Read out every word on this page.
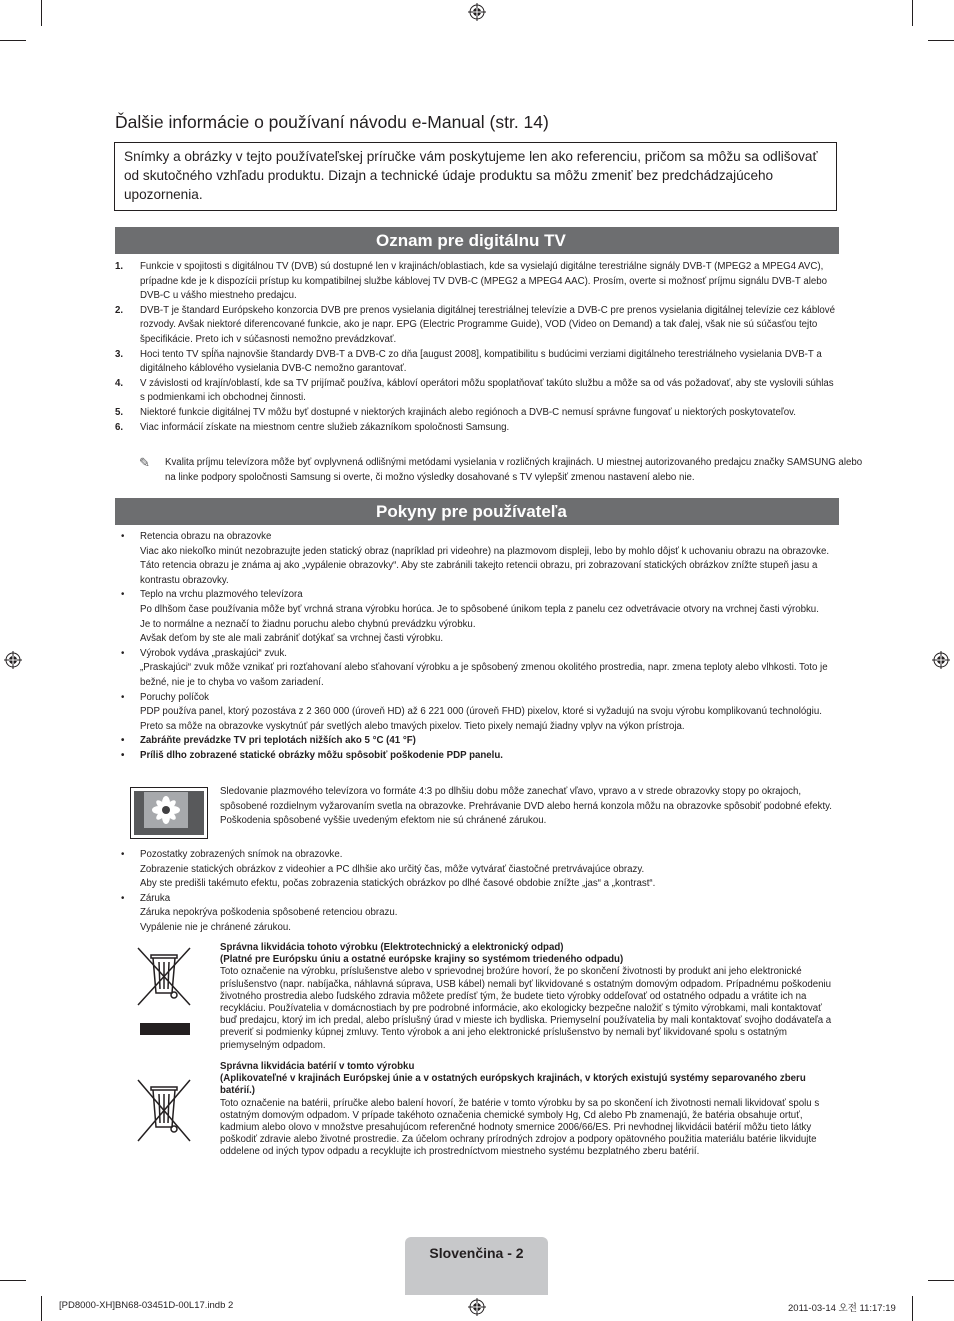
Ďalšie informácie o používaní návodu e-Manual (str. 14)
Snímky a obrázky v tejto používateľskej príručke vám poskytujeme len ako referenciu, pričom sa môžu sa odlišovať od skutočného vzhľadu produktu. Dizajn a technické údaje produktu sa môžu zmeniť bez predchádzajúceho upozornenia.
Oznam pre digitálnu TV
1. Funkcie v spojitosti s digitálnou TV (DVB) sú dostupné len v krajinách/oblastiach, kde sa vysielajú digitálne terestriálne signály DVB-T (MPEG2 a MPEG4 AVC), prípadne kde je k dispozícii prístup ku kompatibilnej službe káblovej TV DVB-C (MPEG2 a MPEG4 AAC). Prosím, overte si možnosť príjmu signálu DVB-T alebo DVB-C u vášho miestneho predajcu.
2. DVB-T je štandard Európskeho konzorcia DVB pre prenos vysielania digitálnej terestriálnej televízie a DVB-C pre prenos vysielania digitálnej televízie cez káblové rozvody. Avšak niektoré diferencované funkcie, ako je napr. EPG (Electric Programme Guide), VOD (Video on Demand) a tak ďalej, však nie sú súčasťou tejto špecifikácie. Preto ich v súčasnosti nemožno prevádzkovať.
3. Hoci tento TV spĺňa najnovšie štandardy DVB-T a DVB-C zo dňa [august 2008], kompatibilitu s budúcimi verziami digitálneho terestriálneho vysielania DVB-T a digitálneho káblového vysielania DVB-C nemožno garantovať.
4. V závislosti od krajín/oblastí, kde sa TV prijímač používa, kábloví operátori môžu spoplatňovať takúto službu a môže sa od vás požadovať, aby ste vyslovili súhlas s podmienkami ich obchodnej činnosti.
5. Niektoré funkcie digitálnej TV môžu byť dostupné v niektorých krajinách alebo regiónoch a DVB-C nemusí správne fungovať u niektorých poskytovateľov.
6. Viac informácií získate na miestnom centre služieb zákazníkom spoločnosti Samsung.
✎ Kvalita príjmu televízora môže byť ovplyvnená odlišnými metódami vysielania v rozličných krajinách. U miestnej autorizovaného predajcu značky SAMSUNG alebo na linke podpory spoločnosti Samsung si overte, či možno výsledky dosahované s TV vylepšiť zmenou nastavení alebo nie.
Pokyny pre používateľa
• Retencia obrazu na obrazovke
Viac ako niekoľko minút nezobrazujte jeden statický obraz (napríklad pri videohre) na plazmovom displeji, lebo by mohlo dôjsť k uchovaniu obrazu na obrazovke. Táto retencia obrazu je známa aj ako „vypálenie obrazovky“. Aby ste zabránili takejto retencii obrazu, pri zobrazovaní statických obrázkov znížte stupeň jasu a kontrastu obrazovky.
• Teplo na vrchu plazmového televízora
Po dlhšom čase používania môže byť vrchná strana výrobku horúca. Je to spôsobené únikom tepla z panelu cez odvetrávacie otvory na vrchnej časti výrobku.
Je to normálne a neznačí to žiadnu poruchu alebo chybnú prevádzku výrobku.
Avšak deťom by ste ale mali zabrániť dotýkať sa vrchnej časti výrobku.
• Výrobok vydáva „praskajúci“ zvuk.
„Praskajúci“ zvuk môže vznikať pri rozťahovaní alebo sťahovaní výrobku a je spôsobený zmenou okolitého prostredia, napr. zmena teploty alebo vlhkosti. Toto je bežné, nie je to chyba vo vašom zariadení.
• Poruchy políčok
PDP používa panel, ktorý pozostáva z 2 360 000 (úroveň HD) až 6 221 000 (úroveň FHD) pixelov, ktoré si vyžadujú na svoju výrobu komplikovanú technológiu. Preto sa môže na obrazovke vyskytnúť pár svetlých alebo tmavých pixelov. Tieto pixely nemajú žiadny vplyv na výkon prístroja.
• Zabráňte prevádzke TV pri teplotách nižších ako 5 °C (41 °F)
• Príliš dlho zobrazené statické obrázky môžu spôsobiť poškodenie PDP panelu.
Sledovanie plazmového televízora vo formáte 4:3 po dlhšiu dobu môže zanechať vľavo, vpravo a v strede obrazovky stopy po okrajoch, spôsobené rozdielnym vyžarovaním svetla na obrazovke. Prehrávanie DVD alebo herná konzola môžu na obrazovke spôsobiť podobné efekty.
Poškodenia spôsobené vyššie uvedeným efektom nie sú chránené zárukou.
• Pozostatky zobrazených snímok na obrazovke.
Zobrazenie statických obrázkov z videohier a PC dlhšie ako určitý čas, môže vytvárať čiastočné pretrvávajúce obrazy.
Aby ste predišli takémuto efektu, počas zobrazenia statických obrázkov po dlhé časové obdobie znížte „jas“ a „kontrast“.
• Záruka
Záruka nepokrýva poškodenia spôsobené retenciou obrazu.
Vypálenie nie je chránené zárukou.
Správna likvidácia tohoto výrobku (Elektrotechnický a elektronický odpad)
(Platné pre Európsku úniu a ostatné európske krajiny so systémom triedeného odpadu)
Toto označenie na výrobku, príslušenstve alebo v sprievodnej brožúre hovorí, že po skončení životnosti by produkt ani jeho elektronické príslušenstvo (napr. nabíjačka, náhlavná súprava, USB kábel) nemali byť likvidované s ostatným domovým odpadom. Prípadnému poškodeniu životného prostredia alebo ľudského zdravia môžete predísť tým, že budete tieto výrobky oddeľovať od ostatného odpadu a vrátite ich na recykláciu. Používatelia v domácnostiach by pre podrobné informácie, ako ekologicky bezpečne naložiť s týmito výrobkami, mali kontaktovať buď predajcu, ktorý im ich predal, alebo príslušný úrad v mieste ich bydliska. Priemyselní používatelia by mali kontaktovať svojho dodávateľa a preveriť si podmienky kúpnej zmluvy. Tento výrobok a ani jeho elektronické príslušenstvo by nemali byť likvidované spolu s ostatným priemyselným odpadom.
Správna likvidácia batérií v tomto výrobku
(Aplikovateľné v krajinách Európskej únie a v ostatných európskych krajinách, v ktorých existujú systémy separovaného zberu batérií.)
Toto označenie na batérii, príručke alebo balení hovorí, že batérie v tomto výrobku by sa po skončení ich životnosti nemali likvidovať spolu s ostatným domovým odpadom. V prípade takéhoto označenia chemické symboly Hg, Cd alebo Pb znamenajú, že batéria obsahuje ortuť, kadmium alebo olovo v množstve presahujúcom referenčné hodnoty smernice 2006/66/ES. Pri nevhodnej likvidácii batérií môžu tieto látky poškodiť zdravie alebo životné prostredie. Za účelom ochrany prírodných zdrojov a podpory opätovného použitia materiálu batérie likvidujte oddelene od iných typov odpadu a recyklujte ich prostredníctvom miestneho systému bezplatného zberu batérií.
Slovenčina - 2
[PD8000-XH]BN68-03451D-00L17.indb 2	2011-03-14 오전 11:17:19
